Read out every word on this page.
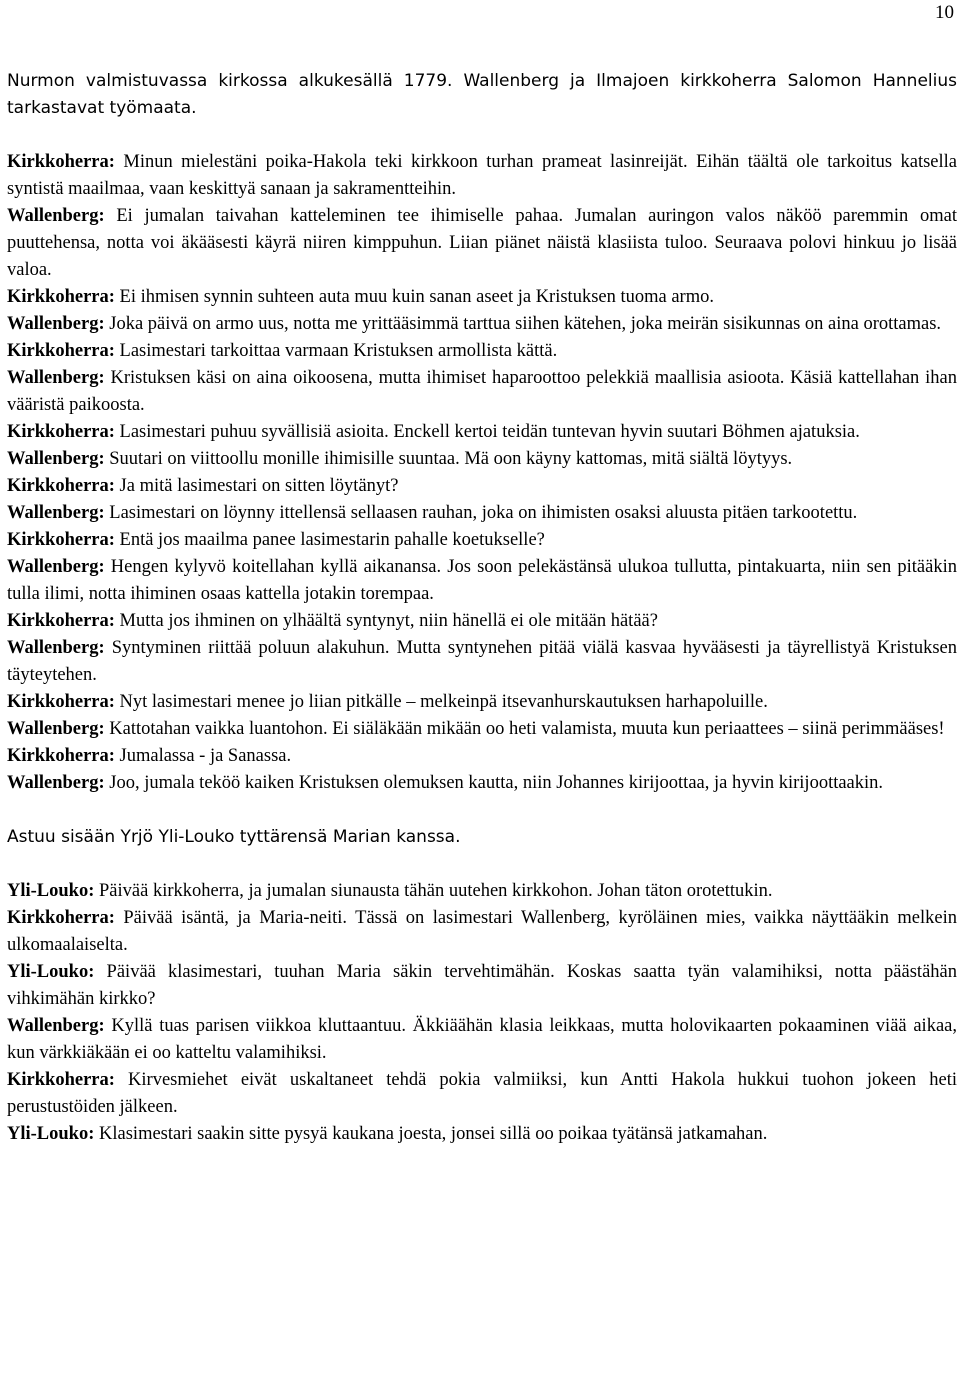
10
Nurmon valmistuvassa kirkossa alkukesällä 1779. Wallenberg ja Ilmajoen kirkkoherra Salomon Hannelius tarkastavat työmaata.
Kirkkoherra: Minun mielestäni poika-Hakola teki kirkkoon turhan prameat lasinreijät. Eihän täältä ole tarkoitus katsella syntistä maailmaa, vaan keskittyä sanaan ja sakramentteihin.
Wallenberg: Ei jumalan taivahan katteleminen tee ihimiselle pahaa. Jumalan auringon valos näköö paremmin omat puuttehensa, notta voi äkääsesti käyrä niiren kimppuhun. Liian piänet näistä klasiista tuloo. Seuraava polovi hinkuu jo lisää valoa.
Kirkkoherra: Ei ihmisen synnin suhteen auta muu kuin sanan aseet ja Kristuksen tuoma armo.
Wallenberg: Joka päivä on armo uus, notta me yrittääsimmä tarttua siihen kätehen, joka meirän sisikunnas on aina orottamas.
Kirkkoherra: Lasimestari tarkoittaa varmaan Kristuksen armollista kättä.
Wallenberg: Kristuksen käsi on aina oikoosena, mutta ihimiset haparoottoo pelekkiä maallisia asioota. Käsiä kattellahan ihan vääristä paikoosta.
Kirkkoherra: Lasimestari puhuu syvällisiä asioita. Enckell kertoi teidän tuntevan hyvin suutari Böhmen ajatuksia.
Wallenberg: Suutari on viittoollu monille ihimisille suuntaa. Mä oon käyny kattomas, mitä siältä löytyys.
Kirkkoherra: Ja mitä lasimestari on sitten löytänyt?
Wallenberg: Lasimestari on löynny ittellensä sellaasen rauhan, joka on ihimisten osaksi aluusta pitäen tarkootettu.
Kirkkoherra: Entä jos maailma panee lasimestarin pahalle koetukselle?
Wallenberg: Hengen kylyvö koitellahan kyllä aikanansa. Jos soon pelekästänsä ulukoa tullutta, pintakuarta, niin sen pitääkin tulla ilimi, notta ihiminen osaas kattella jotakin torempaa.
Kirkkoherra: Mutta jos ihminen on ylhäältä syntynyt, niin hänellä ei ole mitään hätää?
Wallenberg: Syntyminen riittää poluun alakuhun. Mutta syntynehen pitää viälä kasvaa hyvääsesti ja täyrellistyä Kristuksen täyteytehen.
Kirkkoherra: Nyt lasimestari menee jo liian pitkälle – melkeinpä itsevanhurskautuksen harhapoluille.
Wallenberg: Kattotahan vaikka luantohon. Ei siäläkään mikään oo heti valamista, muuta kun periaattees – siinä perimmääses!
Kirkkoherra: Jumalassa - ja Sanassa.
Wallenberg: Joo, jumala teköö kaiken Kristuksen olemuksen kautta, niin Johannes kirijoottaa, ja hyvin kirijoottaakin.
Astuu sisään Yrjö Yli-Louko tyttärensä Marian kanssa.
Yli-Louko: Päivää kirkkoherra, ja jumalan siunausta tähän uutehen kirkkohon. Johan täton orotettukin.
Kirkkoherra: Päivää isäntä, ja Maria-neiti. Tässä on lasimestari Wallenberg, kyröläinen mies, vaikka näyttääkin melkein ulkomaalaiselta.
Yli-Louko: Päivää klasimestari, tuuhan Maria säkin tervehtimähän. Koskas saatta tyän valamihiksi, notta päästähän vihkimähän kirkko?
Wallenberg: Kyllä tuas parisen viikkoa kluttaantuu. Äkkiäähän klasia leikkaas, mutta holovikaarten pokaaminen viää aikaa, kun värkkiäkään ei oo katteltu valamihiksi.
Kirkkoherra: Kirvesmiehet eivät uskaltaneet tehdä pokia valmiiksi, kun Antti Hakola hukkui tuohon jokeen heti perustustöiden jälkeen.
Yli-Louko: Klasimestari saakin sitte pysyä kaukana joesta, jonsei sillä oo poikaa tyätänsä jatkamahan.
